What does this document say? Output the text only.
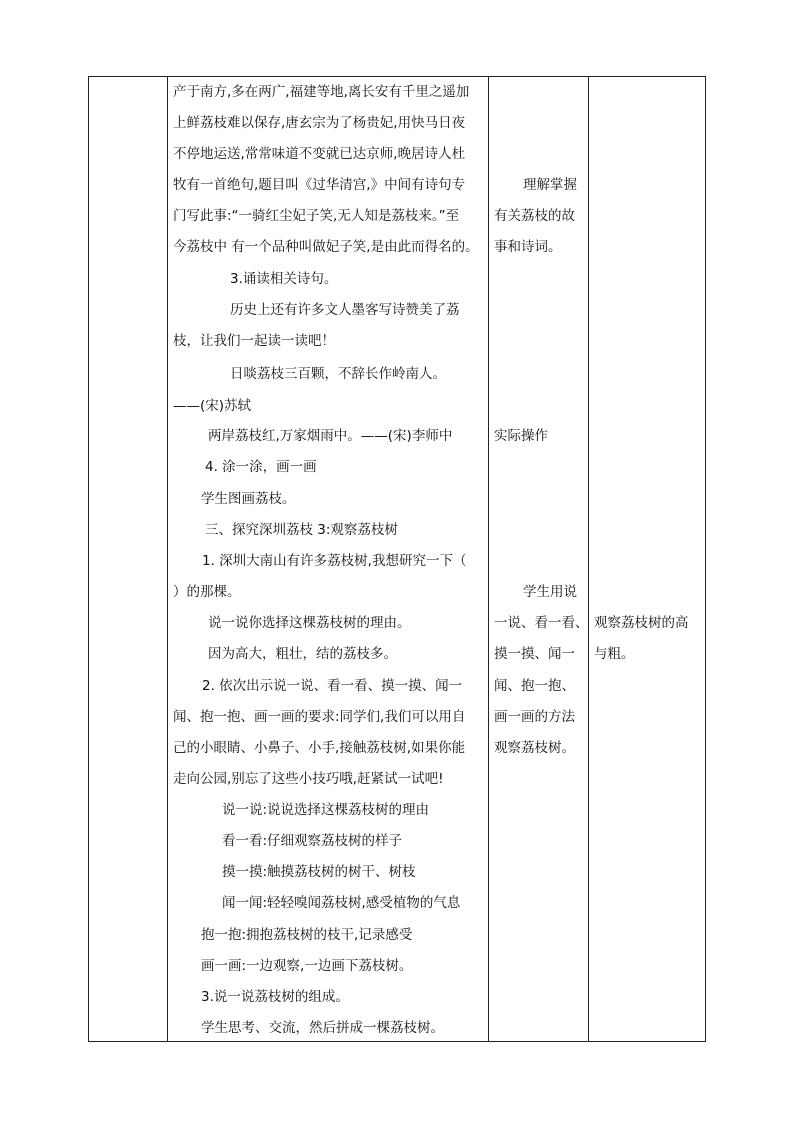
产于南方,多在两广,福建等地,离长安有千里之遥加
上鲜荔枝难以保存,唐玄宗为了杨贵妃,用快马日夜
不停地运送,常常味道不变就已达京师,晚居诗人杜
牧有一首绝句,题目叫《过华清宫,》中间有诗句专
门写此事:“一骑红尘妃子笑,无人知是荔枝来。”至
今荔枝中 有一个品种叫做妃子笑,是由此而得名的。
3.诵读相关诗句。
历史上还有许多文人墨客写诗赞美了荔
枝，让我们一起读一读吧！
日啖荔枝三百颗，不辞长作岭南人。
——(宋)苏轼
两岸荔枝红,万家烟雨中。——(宋)李师中
4. 涂一涂，画一画
学生图画荔枝。
三、探究深圳荔枝 3:观察荔枝树
1. 深圳大南山有许多荔枝树,我想研究一下（
）的那棵。
说一说你选择这棵荔枝树的理由。
因为高大，粗壮，结的荔枝多。
2. 依次出示说一说、看一看、摸一摸、闻一
闻、抱一抱、画一画的要求:同学们,我们可以用自
己的小眼睛、小鼻子、小手,接触荔枝树,如果你能
走向公园,别忘了这些小技巧哦,赶紧试一试吧!
说一说:说说选择这棵荔枝树的理由
看一看:仔细观察荔枝树的样子
摸一摸:触摸荔枝树的树干、树枝
闻一闻:轻轻嗅闻荔枝树,感受植物的气息
抱一抱:拥抱荔枝树的枝干,记录感受
画一画:一边观察,一边画下荔枝树。
3.说一说荔枝树的组成。
学生思考、交流，然后拼成一棵荔枝树。
理解掌握
有关荔枝的故
事和诗词。
实际操作
学生用说
一说、看一看、
摸一摸、闻一
闻、抱一抱、
画一画的方法
观察荔枝树。
观察荔枝树的高
与粗。
